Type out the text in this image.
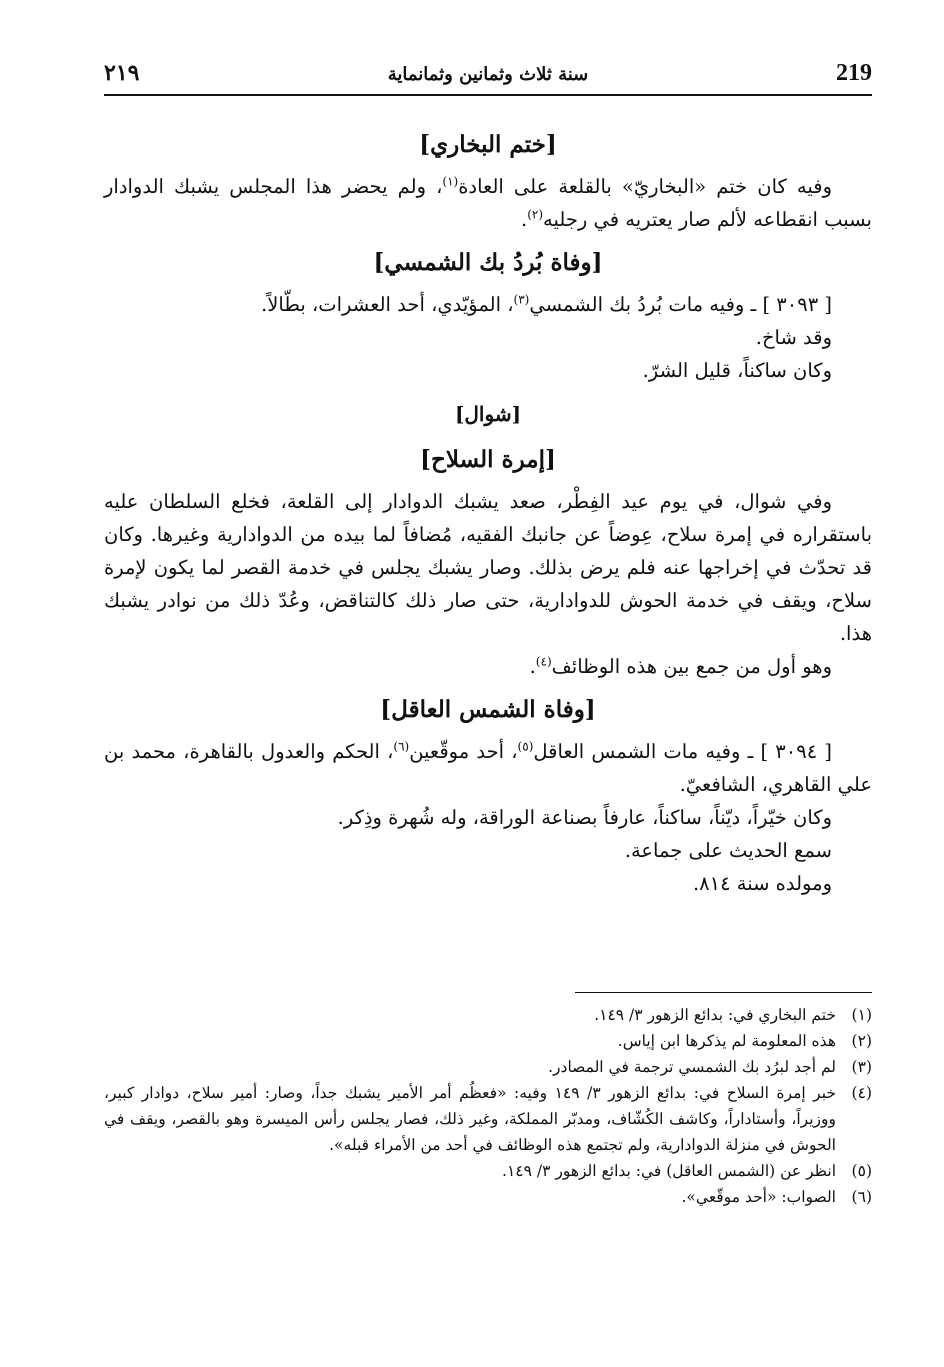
219
سنة ثلاث وثمانين وثمانماية
٢١٩
[ختم البخاري]

وفيه كان ختم «البخاريّ» بالقلعة على العادة$^{(١)}$، ولم يحضر هذا المجلس يشبك الدوادار بسبب انقطاعه لألم صار يعتريه في رجليه$^{(٢)}$.

[وفاة بُردُ بك الشمسي]

[ ٣٠٩٣ ] ـ وفيه مات بُردُ بك الشمسي$^{(٣)}$، المؤيّدي، أحد العشرات، بطّالاً.

وقد شاخ.

وكان ساكناً، قليل الشرّ.

[شوال]
[إمرة السلاح]

وفي شوال، في يوم عيد الفِطْر، صعد يشبك الدوادار إلى القلعة، فخلع السلطان عليه باستقراره في إمرة سلاح، عِوضاً عن جانبك الفقيه، مُضافاً لما بيده من الدوادارية وغيرها. وكان قد تحدّث في إخراجها عنه فلم يرض بذلك. وصار يشبك يجلس في خدمة القصر لما يكون لإمرة سلاح، ويقف في خدمة الحوش للدوادارية، حتى صار ذلك كالتناقض، وعُدّ ذلك من نوادر يشبك هذا.

وهو أول من جمع بين هذه الوظائف$^{(٤)}$.

[وفاة الشمس العاقل]

[ ٣٠٩٤ ] ـ وفيه مات الشمس العاقل$^{(٥)}$، أحد موقّعين$^{(٦)}$، الحكم والعدول بالقاهرة، محمد بن علي القاهري، الشافعيّ.

وكان خيّراً، ديّناً، ساكناً، عارفاً بصناعة الوراقة، وله شُهرة وذِكر.

سمع الحديث على جماعة.

ومولده سنة ٨١٤.

(١)
ختم البخاري في: بدائع الزهور ٣/ ١٤٩.

(٢)
هذه المعلومة لم يذكرها ابن إياس.

(٣)
لم أجد لبرُد بك الشمسي ترجمة في المصادر.

(٤)
خبر إمرة السلاح في: بدائع الزهور ٣/ ١٤٩ وفيه: «فعظُم أمر الأمير يشبك جداً، وصار: أمير سلاح، دوادار كبير، ووزيراً، وأستاداراً، وكاشف الكُشّاف، ومدبّر المملكة، وغير ذلك، فصار يجلس رأس الميسرة وهو بالقصر، ويقف في الحوش في منزلة الدوادارية، ولم تجتمع هذه الوظائف في أحد من الأمراء قبله».

(٥)
انظر عن (الشمس العاقل) في: بدائع الزهور ٣/ ١٤٩.

(٦)
الصواب: «أحد موقّعي».
